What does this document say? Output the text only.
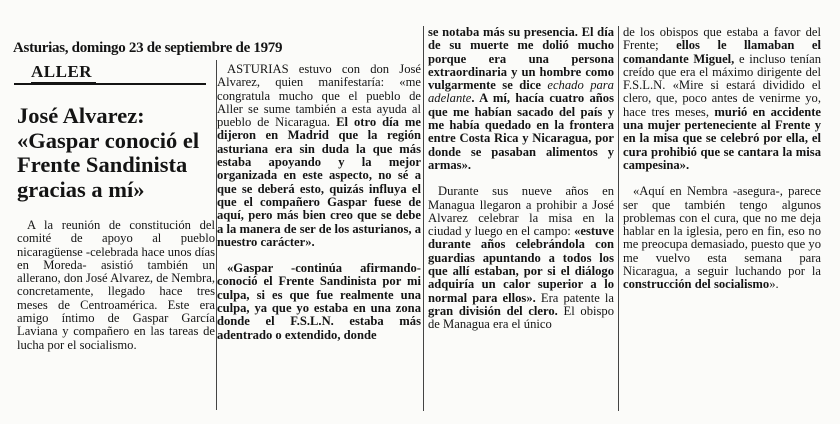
Asturias, domingo 23 de septiembre de 1979
ALLER
José Alvarez:
«Gaspar conoció el
Frente Sandinista
gracias a mí»

A la reunión de constitución del comité de apoyo al pueblo nicaragüense -celebrada hace unos días en Moreda- asistió también un allerano, don José Alvarez, de Nembra, concretamente, llegado hace tres meses de Centroamérica. Este era amigo íntimo de Gaspar García Laviana y compañero en las tareas de lucha por el socialismo.

ASTURIAS estuvo con don José Alvarez, quien manifestaría: «me congratula mucho que el pueblo de Aller se sume también a esta ayuda al pueblo de Nicaragua. El otro día me dijeron en Madrid que la región asturiana era sin duda la que más estaba apoyando y la mejor organizada en este aspecto, no sé a que se deberá esto, quizás influya el que el compañero Gaspar fuese de aquí, pero más bien creo que se debe a la manera de ser de los asturianos, a nuestro carácter».

«Gaspar -continúa afirmando- conoció el Frente Sandinista por mi culpa, si es que fue realmente una culpa, ya que yo estaba en una zona donde el F.S.L.N. estaba más adentrado o extendido, donde

se notaba más su presencia. El día de su muerte me dolió mucho porque era una persona extraordinaria y un hombre como vulgarmente se dice echado para adelante. A mí, hacía cuatro años que me habían sacado del país y me había quedado en la frontera entre Costa Rica y Nicaragua, por donde se pasaban alimentos y armas».

Durante sus nueve años en Managua llegaron a prohibir a José Alvarez celebrar la misa en la ciudad y luego en el campo: «estuve durante años celebrándola con guardias apuntando a todos los que allí estaban, por si el diálogo adquiría un calor superior a lo normal para ellos». Era patente la gran división del clero. El obispo de Managua era el único

de los obispos que estaba a favor del Frente; ellos le llamaban el comandante Miguel, e incluso tenían creído que era el máximo dirigente del F.S.L.N. «Mire si estará dividido el clero, que, poco antes de venirme yo, hace tres meses, murió en accidente una mujer perteneciente al Frente y en la misa que se celebró por ella, el cura prohibió que se cantara la misa campesina».

«Aquí en Nembra -asegura-, parece ser que también tengo algunos problemas con el cura, que no me deja hablar en la iglesia, pero en fin, eso no me preocupa demasiado, puesto que yo me vuelvo esta semana para Nicaragua, a seguir luchando por la construcción del socialismo».
